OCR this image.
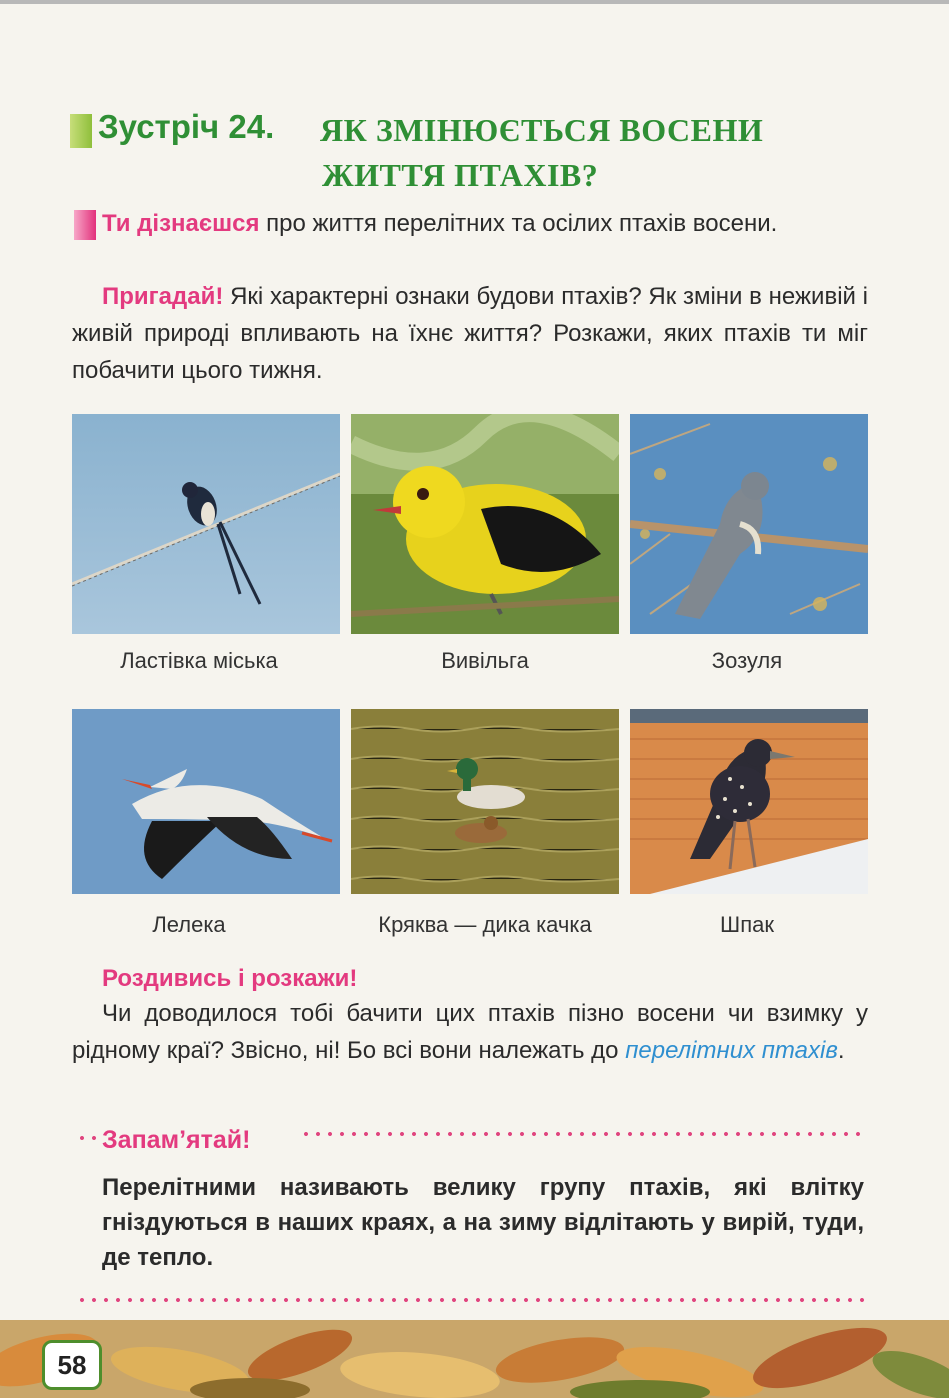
Зустріч 24. ЯК ЗМІНЮЄТЬСЯ ВОСЕНИ
ЖИТТЯ ПТАХІВ?
Ти дізнаєшся про життя перелітних та осілих птахів восени.
Пригадай! Які характерні ознаки будови птахів? Як зміни в неживій і живій природі впливають на їхнє життя? Розкажи, яких птахів ти міг побачити цього тижня.
Ластівка міська	Вивільга	Зозуля
Лелека	Кряква — дика качка	Шпак
Роздивись і розкажи!
Чи доводилося тобі бачити цих птахів пізно восени чи взимку у рідному краї? Звісно, ні! Бо всі вони належать до перелітних птахів.
Запам’ятай!
Перелітними називають велику групу птахів, які влітку гніздуються в наших краях, а на зиму відлітають у вирій, туди, де тепло.
58
